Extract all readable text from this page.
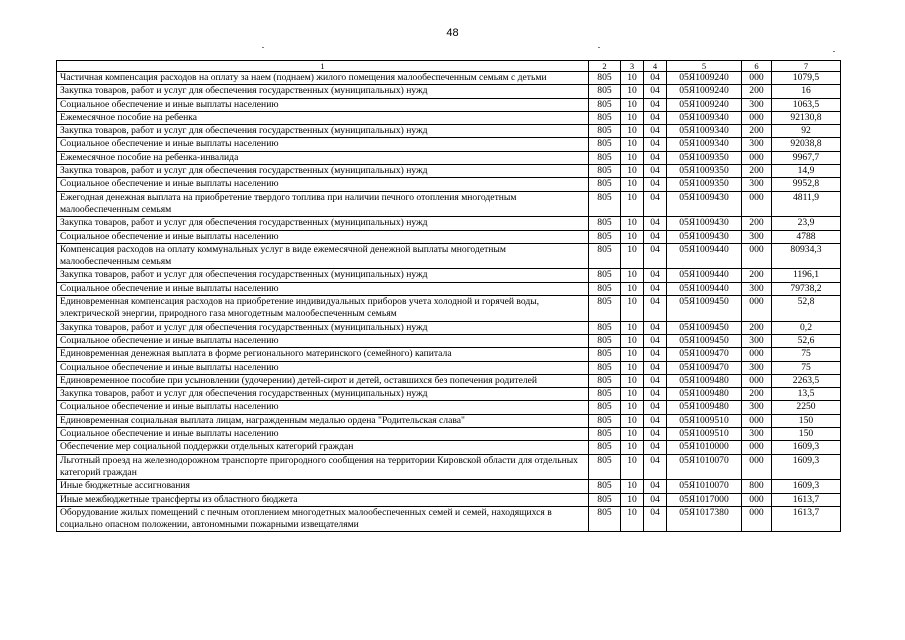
48
1	2	3	4	5	6	7
Частичная компенсация расходов на оплату за наем (поднаем) жилого помещения малообеспеченным семьям с детьми	805	10	04	05Я1009240	000	1079,5
Закупка товаров, работ и услуг для обеспечения государственных (муниципальных) нужд	805	10	04	05Я1009240	200	16
Социальное обеспечение и иные выплаты населению	805	10	04	05Я1009240	300	1063,5
Ежемесячное пособие на ребенка	805	10	04	05Я1009340	000	92130,8
Закупка товаров, работ и услуг для обеспечения государственных (муниципальных) нужд	805	10	04	05Я1009340	200	92
Социальное обеспечение и иные выплаты населению	805	10	04	05Я1009340	300	92038,8
Ежемесячное пособие на ребенка-инвалида	805	10	04	05Я1009350	000	9967,7
Закупка товаров, работ и услуг для обеспечения государственных (муниципальных) нужд	805	10	04	05Я1009350	200	14,9
Социальное обеспечение и иные выплаты населению	805	10	04	05Я1009350	300	9952,8
Ежегодная денежная выплата на приобретение твердого топлива при наличии печного отопления многодетным малообеспеченным семьям	805	10	04	05Я1009430	000	4811,9
Закупка товаров, работ и услуг для обеспечения государственных (муниципальных) нужд	805	10	04	05Я1009430	200	23,9
Социальное обеспечение и иные выплаты населению	805	10	04	05Я1009430	300	4788
Компенсация расходов на оплату коммунальных услуг в виде ежемесячной денежной выплаты многодетным малообеспеченным семьям	805	10	04	05Я1009440	000	80934,3
Закупка товаров, работ и услуг для обеспечения государственных (муниципальных) нужд	805	10	04	05Я1009440	200	1196,1
Социальное обеспечение и иные выплаты населению	805	10	04	05Я1009440	300	79738,2
Единовременная компенсация расходов на приобретение индивидуальных приборов учета холодной и горячей воды, электрической энергии, природного газа многодетным малообеспеченным семьям	805	10	04	05Я1009450	000	52,8
Закупка товаров, работ и услуг для обеспечения государственных (муниципальных) нужд	805	10	04	05Я1009450	200	0,2
Социальное обеспечение и иные выплаты населению	805	10	04	05Я1009450	300	52,6
Единовременная денежная выплата в форме регионального материнского (семейного) капитала	805	10	04	05Я1009470	000	75
Социальное обеспечение и иные выплаты населению	805	10	04	05Я1009470	300	75
Единовременное пособие при усыновлении (удочерении) детей-сирот и детей, оставшихся без попечения родителей	805	10	04	05Я1009480	000	2263,5
Закупка товаров, работ и услуг для обеспечения государственных (муниципальных) нужд	805	10	04	05Я1009480	200	13,5
Социальное обеспечение и иные выплаты населению	805	10	04	05Я1009480	300	2250
Единовременная социальная выплата лицам, награжденным медалью ордена "Родительская слава"	805	10	04	05Я1009510	000	150
Социальное обеспечение и иные выплаты населению	805	10	04	05Я1009510	300	150
Обеспечение мер социальной поддержки отдельных категорий граждан	805	10	04	05Я1010000	000	1609,3
Льготный проезд на железнодорожном транспорте пригородного сообщения на территории Кировской области для отдельных категорий граждан	805	10	04	05Я1010070	000	1609,3
Иные бюджетные ассигнования	805	10	04	05Я1010070	800	1609,3
Иные межбюджетные трансферты из областного бюджета	805	10	04	05Я1017000	000	1613,7
Оборудование жилых помещений с печным отоплением многодетных малообеспеченных семей и семей, находящихся в социально опасном положении, автономными пожарными извещателями	805	10	04	05Я1017380	000	1613,7
